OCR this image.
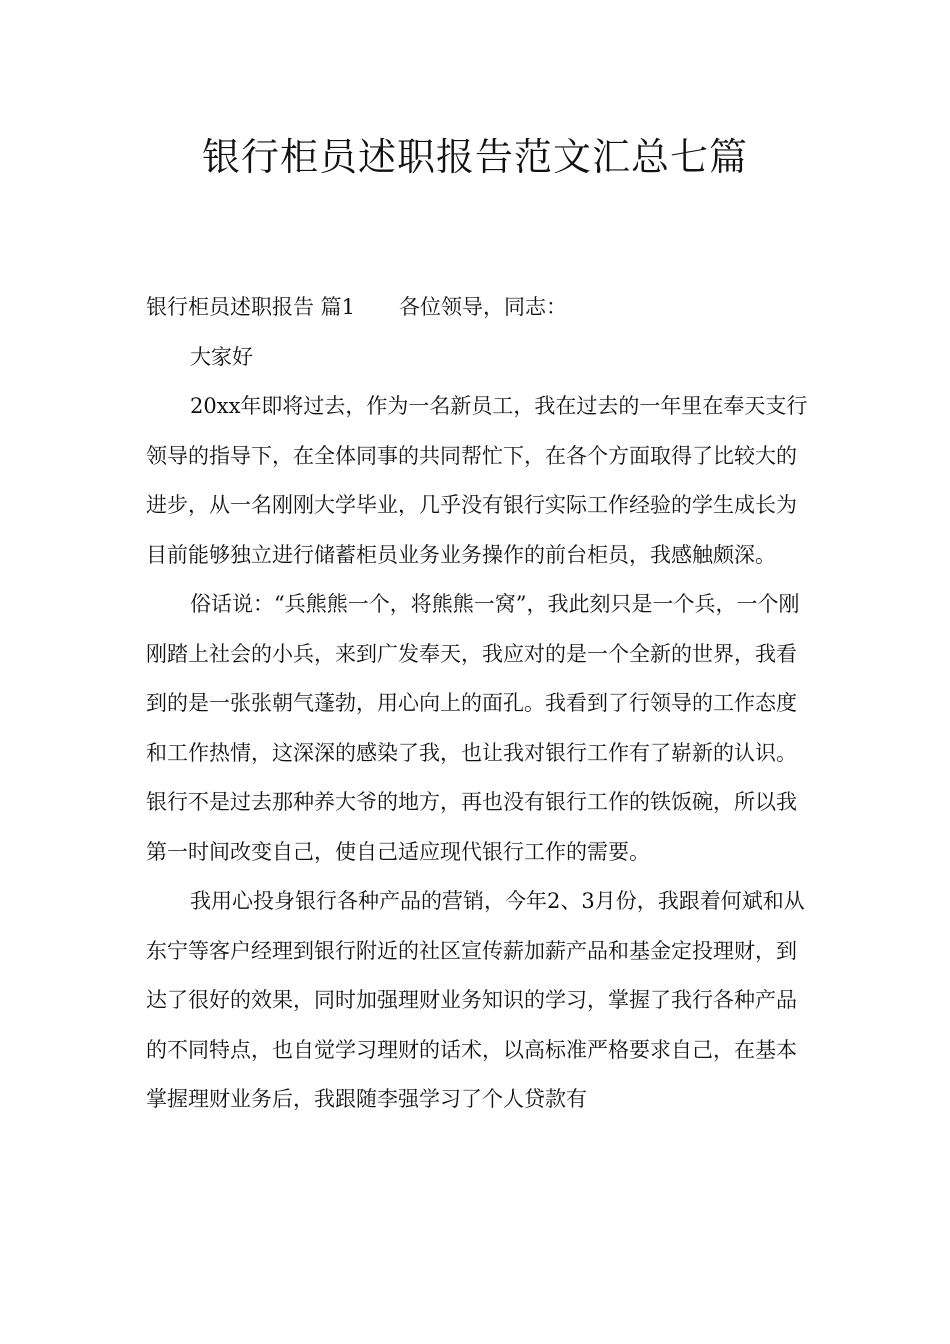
银行柜员述职报告范文汇总七篇

银行柜员述职报告 篇1 各位领导，同志：

大家好

20xx年即将过去，作为一名新员工，我在过去的一年里在奉天支行领导的指导下，在全体同事的共同帮忙下，在各个方面取得了比较大的进步，从一名刚刚大学毕业，几乎没有银行实际工作经验的学生成长为目前能够独立进行储蓄柜员业务业务操作的前台柜员，我感触颇深。

俗话说：“兵熊熊一个，将熊熊一窝”，我此刻只是一个兵，一个刚刚踏上社会的小兵，来到广发奉天，我应对的是一个全新的世界，我看到的是一张张朝气蓬勃，用心向上的面孔。我看到了行领导的工作态度和工作热情，这深深的感染了我，也让我对银行工作有了崭新的认识。银行不是过去那种养大爷的地方，再也没有银行工作的铁饭碗，所以我第一时间改变自己，使自己适应现代银行工作的需要。

我用心投身银行各种产品的营销，今年2、3月份，我跟着何斌和从东宁等客户经理到银行附近的社区宣传薪加薪产品和基金定投理财，到达了很好的效果，同时加强理财业务知识的学习，掌握了我行各种产品的不同特点，也自觉学习理财的话术，以高标准严格要求自己，在基本掌握理财业务后，我跟随李强学习了个人贷款有
